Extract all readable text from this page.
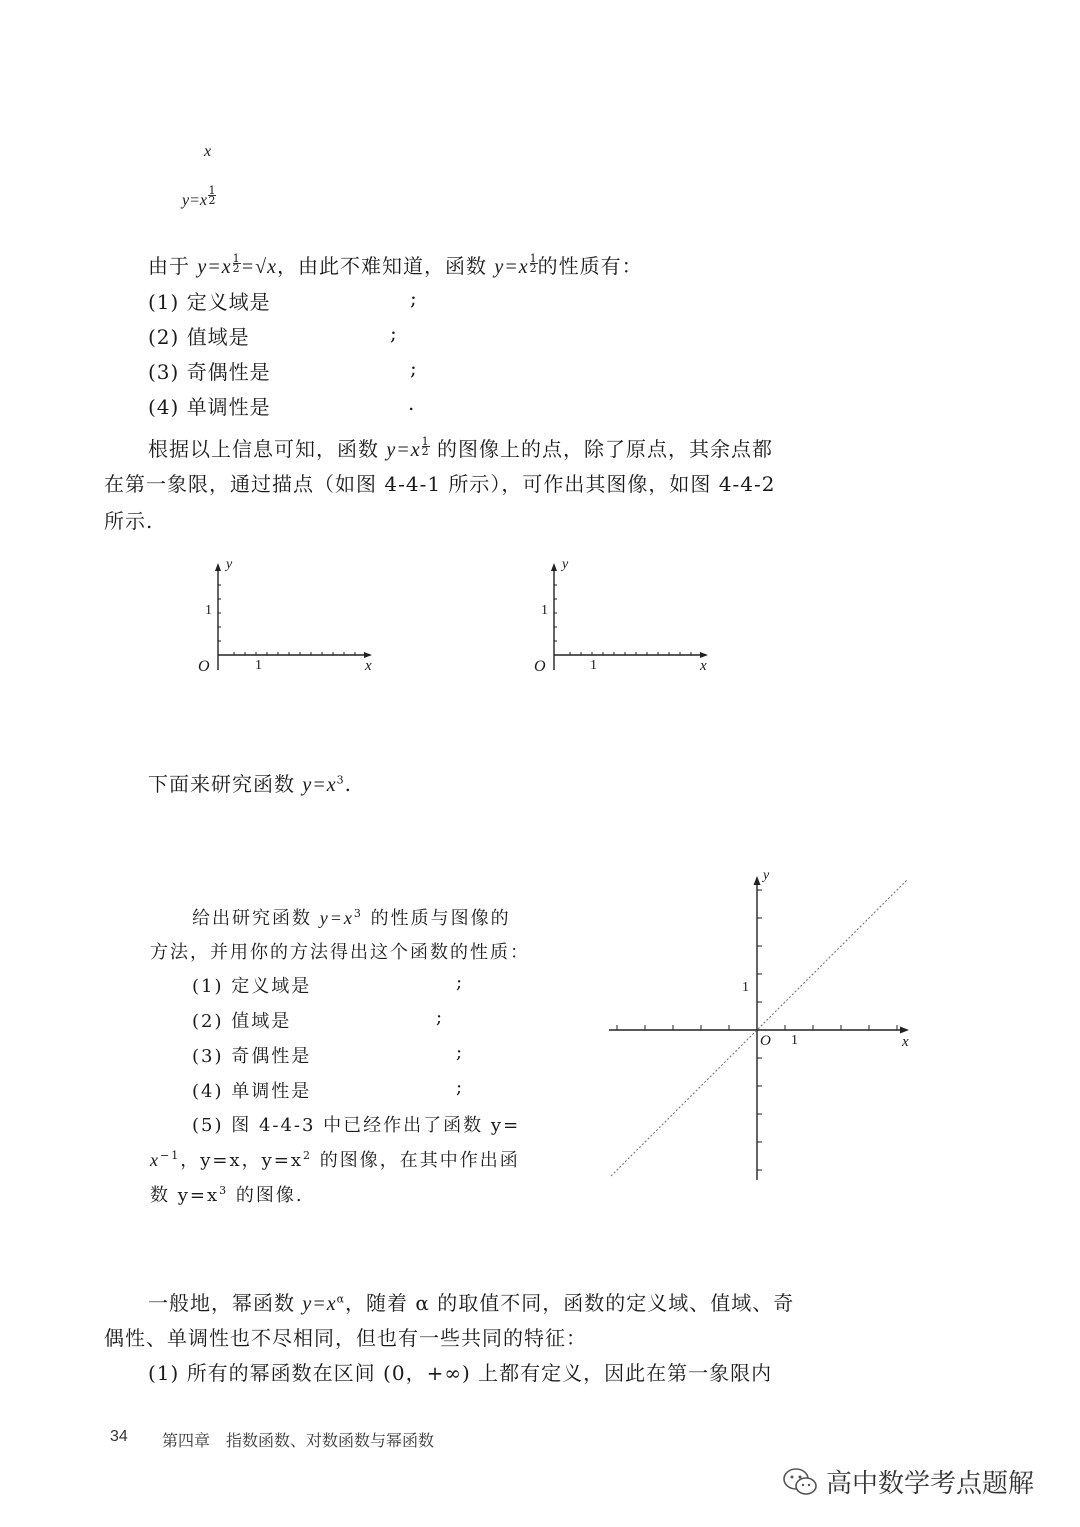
x
$y=x \frac{1}{2}$
由于 $y=x \frac{1}{2} =√x$，由此不难知道，函数 $y=x \frac{1}{2}$ 的性质有：
(1) 定义域是	;
(2) 值域是	;
(3) 奇偶性是	;
(4) 单调性是	.
根据以上信息可知，函数 $y=x \frac{1}{2}$ 的图像上的点，除了原点，其余点都
在第一象限，通过描点（如图 4-4-1 所示），可作出其图像，如图 4-4-2
所示.
y
1
O	1	x
y
1
O	1	x
下面来研究函数 $y=x^3$.
给出研究函数 $y=x^3$ 的性质与图像的
方法，并用你的方法得出这个函数的性质：
(1) 定义域是	;
(2) 值域是	;
(3) 奇偶性是	;
(4) 单调性是	;
(5) 图 4-4-3 中已经作出了函数 y=
$x^{-1}$，y=x，$y=x^2$ 的图像，在其中作出函
数 $y=x^3$ 的图像.
y
1
O 1	x
一般地，幂函数 $y=x^\alpha$，随着 α 的取值不同，函数的定义域、值域、奇
偶性、单调性也不尽相同，但也有一些共同的特征：
(1) 所有的幂函数在区间 (0，+∞) 上都有定义，因此在第一象限内
34 第四章　指数函数、对数函数与幂函数
高中数学考点题解
